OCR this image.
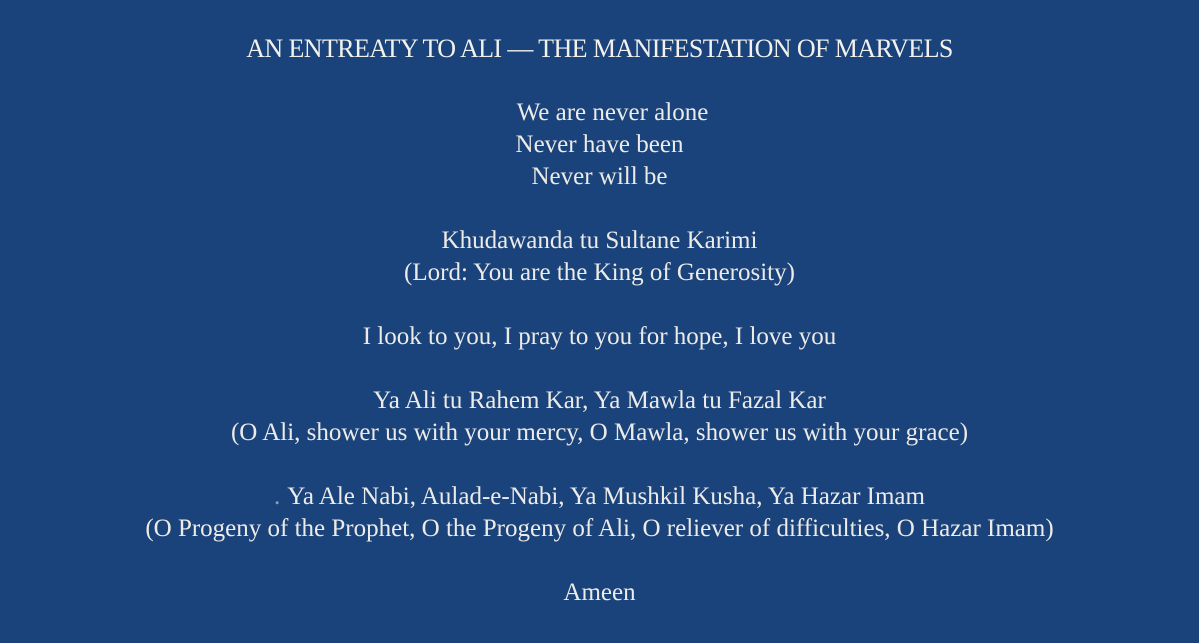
AN ENTREATY TO ALI — THE MANIFESTATION OF MARVELS
We are never alone
Never have been
Never will be
Khudawanda tu Sultane Karimi
(Lord: You are the King of Generosity)
I look to you, I pray to you for hope, I love you
Ya Ali tu Rahem Kar, Ya Mawla tu Fazal Kar
(O Ali, shower us with your mercy, O Mawla, shower us with your grace)
. Ya Ale Nabi, Aulad-e-Nabi, Ya Mushkil Kusha, Ya Hazar Imam
(O Progeny of the Prophet, O the Progeny of Ali, O reliever of difficulties, O Hazar Imam)
Ameen
